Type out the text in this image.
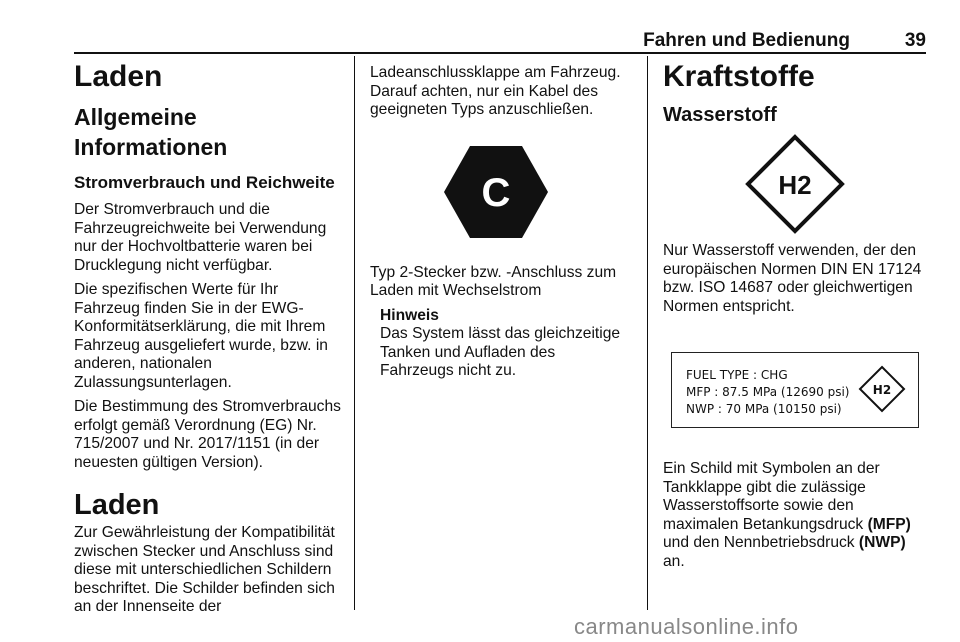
Fahren und Bedienung	39
Laden
Allgemeine Informationen
Stromverbrauch und Reichweite

Der Stromverbrauch und die Fahrzeugreichweite bei Verwendung nur der Hochvoltbatterie waren bei Drucklegung nicht verfügbar.

Die spezifischen Werte für Ihr Fahrzeug finden Sie in der EWG-Konformitätserklärung, die mit Ihrem Fahrzeug ausgeliefert wurde, bzw. in anderen, nationalen Zulassungsunterlagen.

Die Bestimmung des Stromverbrauchs erfolgt gemäß Verordnung (EG) Nr. 715/2007 und Nr. 2017/1151 (in der neuesten gültigen Version).

Laden

Zur Gewährleistung der Kompatibilität zwischen Stecker und Anschluss sind diese mit unterschiedlichen Schildern beschriftet. Die Schilder befinden sich an der Innenseite der

Ladeanschlussklappe am Fahrzeug. Darauf achten, nur ein Kabel des geeigneten Typs anzuschließen.

C

Typ 2-Stecker bzw. -Anschluss zum Laden mit Wechselstrom

Hinweis
Das System lässt das gleichzeitige Tanken und Aufladen des Fahrzeugs nicht zu.
Kraftstoffe
Wasserstoff
H2

Nur Wasserstoff verwenden, der den europäischen Normen DIN EN 17124 bzw. ISO 14687 oder gleichwertigen Normen entspricht.

FUEL TYPE : CHG
MFP : 87.5 MPa (12690 psi)
NWP : 70 MPa (10150 psi)
H2

Ein Schild mit Symbolen an der Tankklappe gibt die zulässige Wasserstoffsorte sowie den maximalen Betankungsdruck (MFP) und den Nennbetriebsdruck (NWP) an.

carmanualsonline.info
